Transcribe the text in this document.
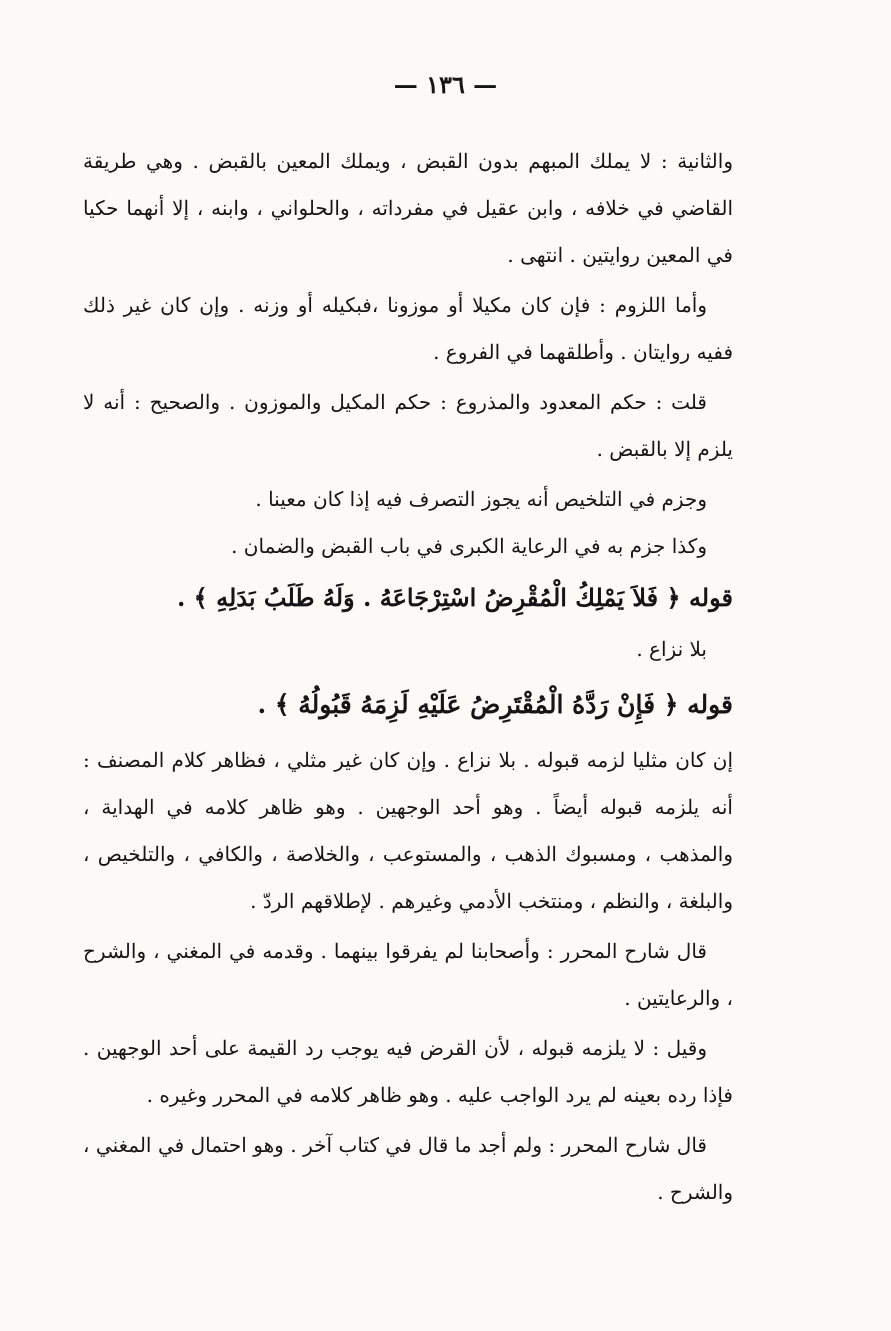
— ١٣٦ —

والثانية : لا يملك المبهم بدون القبض ، ويملك المعين بالقبض . وهي طريقة القاضي في خلافه ، وابن عقيل في مفرداته ، والحلواني ، وابنه ، إلا أنهما حكيا في المعين روايتين . انتهى .

وأما اللزوم : فإن كان مكيلا أو موزونا ،فبكيله أو وزنه . وإن كان غير ذلك ففيه روايتان . وأطلقهما في الفروع .

قلت : حكم المعدود والمذروع : حكم المكيل والموزون . والصحيح : أنه لا يلزم إلا بالقبض .

وجزم في التلخيص أنه يجوز التصرف فيه إذا كان معينا .

وكذا جزم به في الرعاية الكبرى في باب القبض والضمان .

قوله ﴿ فَلاَ يَمْلِكُ الْمُقْرِضُ اسْتِرْجَاعَهُ . وَلَهُ طَلَبُ بَدَلِهِ ﴾ .

بلا نزاع .

قوله ﴿ فَإِنْ رَدَّهُ الْمُقْتَرِضُ عَلَيْهِ لَزِمَهُ قَبُولُهُ ﴾ .

إن كان مثليا لزمه قبوله . بلا نزاع . وإن كان غير مثلي ، فظاهر كلام المصنف : أنه يلزمه قبوله أيضاً . وهو أحد الوجهين . وهو ظاهر كلامه في الهداية ، والمذهب ، ومسبوك الذهب ، والمستوعب ، والخلاصة ، والكافي ، والتلخيص ، والبلغة ، والنظم ، ومنتخب الأدمي وغيرهم . لإطلاقهم الردّ .

قال شارح المحرر : وأصحابنا لم يفرقوا بينهما . وقدمه في المغني ، والشرح ، والرعايتين .

وقيل : لا يلزمه قبوله ، لأن القرض فيه يوجب رد القيمة على أحد الوجهين . فإذا رده بعينه لم يرد الواجب عليه . وهو ظاهر كلامه في المحرر وغيره .

قال شارح المحرر : ولم أجد ما قال في كتاب آخر . وهو احتمال في المغني ، والشرح .
